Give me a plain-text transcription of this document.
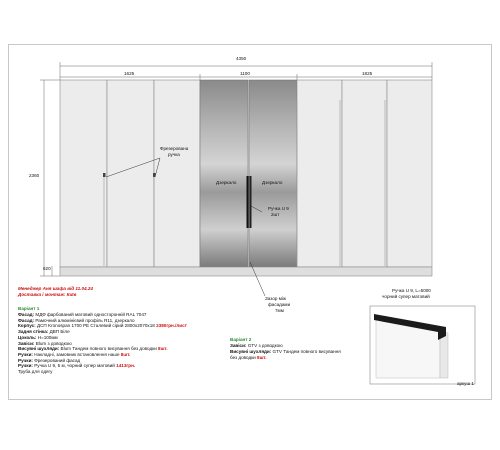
4350
1625	1100	1825
2360
620
Фрезерована
ручка
Дзеркало	Дзеркало
Ручка U 9
2шт
Зазор між
фасадами
7мм
Ручка U 9, L=5000
чорний супер матовий
аркуш 1
Менеджер Аня шафа від 11.04.24
Доставка і монтаж: Київ
Варіант 1
Фасад: МДФ фарбований матовий односторонній RAL 7047
Фасад: Рамочний алюмінієвий профіль R11, дзеркало
Корпус: ДСП Kronospan 1700 PE Сталевий сірий 2800х2070х18 2380грн./лист
Задня стінка: ДВП Біле
Цоколь: Н=100мм
Завіси: Blum з доводкою
Висувні шухляди: Blum Тандем повного висування без доводки 8шт.
Ручки: Накладні, замовник встановлення наше 8шт.
Ручки: Фрезерований фасад
Ручки: Ручка U 9, 5 м, чорний супер матовий 1413грн.
Труба для одягу
Варіант 2
Завіси: GTV з доводкою
Висувні шухляди: GTV Тандем повного висування
без доводки 8шт.
